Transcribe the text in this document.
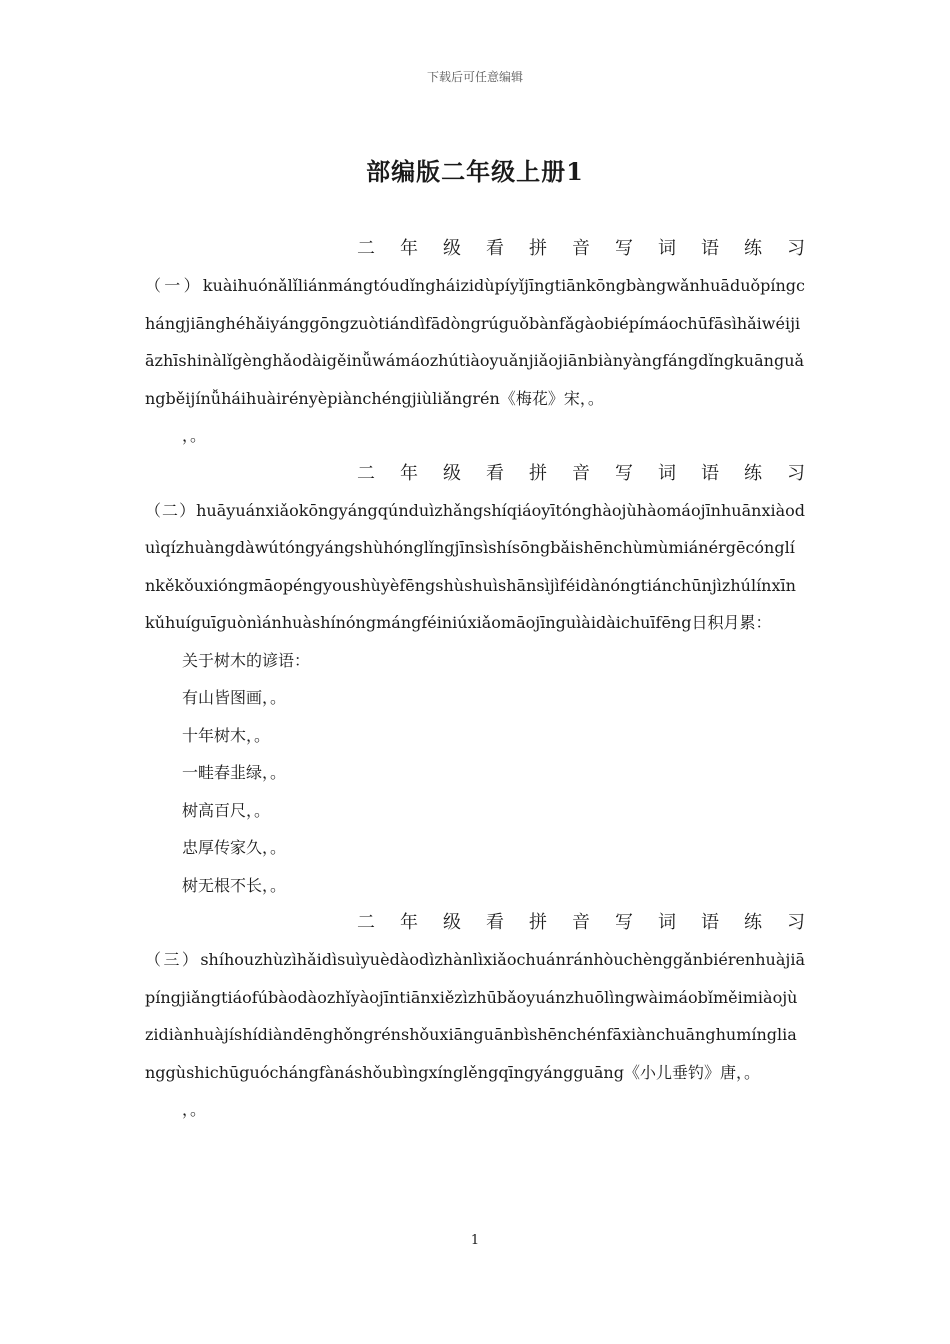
下载后可任意编辑
部编版二年级上册1
二 年 级 看 拼 音 写 词 语 练 习

（一）kuàihuónǎlǐliánmángtóudǐngháizidùpíyǐjīngtiānkōngbàngwǎnhuāduǒpíngchángjiānghéhǎiyánggōngzuòtiándìfādòngrúguǒbànfǎgàobiépímáochūfāsìhǎiwéijiāzhīshinàlǐgènghǎodàigěinǚwámáozhútiàoyuǎnjiǎojiānbiànyàngfángdǐngkuānguǎngběijínǚháihuàirényèpiànchéngjiùliǎngrén《梅花》宋，。

，。

二 年 级 看 拼 音 写 词 语 练 习

（二）huāyuánxiǎokōngyángqúnduìzhǎngshíqiáoyītónghàojùhàomáojīnhuānxiàoduìqízhuàngdàwútóngyángshùhónglǐngjīnsìshísōngbǎishēnchùmùmiánérgēcónglínkěkǒuxióngmāopéngyoushùyèfēngshùshuìshānsìjìféidànóngtiánchūnjìzhúlínxīnkǔhuíguīguònìánhuàshínóngmángféiniúxiǎomāojīnguìàidàichuīfēng日积月累：

关于树木的谚语：

有山皆图画，。

十年树木，。

一畦春韭绿，。

树高百尺，。

忠厚传家久，。

树无根不长，。

二 年 级 看 拼 音 写 词 语 练 习

（三）shíhouzhùzìhǎidìsuìyuèdàodìzhànlìxiǎochuánránhòuchènggǎnbiérenhuàjiāpíngjiǎngtiáofúbàodàozhǐyàojīntiānxiězìzhūbǎoyuánzhuōlìngwàimáobǐměimiàojùzidiànhuàjíshídiàndēnghǒngrénshǒuxiānguānbìshēnchénfāxiànchuānghumínglianggùshichūguóchángfànáshǒubìngxínglěngqīngyángguāng《小儿垂钓》唐，。

，。

1
